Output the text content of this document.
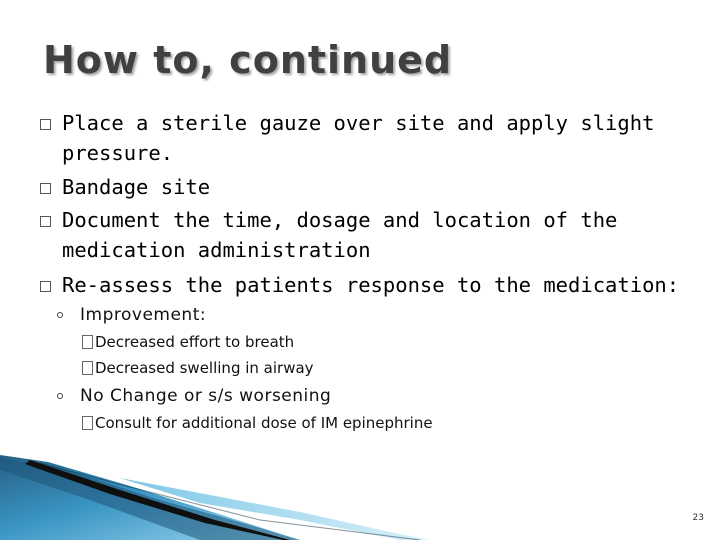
How to, continued
Place a sterile gauze over site and apply slight
pressure.
Bandage site
Document the time, dosage and location of the
medication administration
Re-assess the patients response to the medication:
Improvement:
Decreased effort to breath
Decreased swelling in airway
No Change or s/s worsening
Consult for additional dose of IM epinephrine
23
